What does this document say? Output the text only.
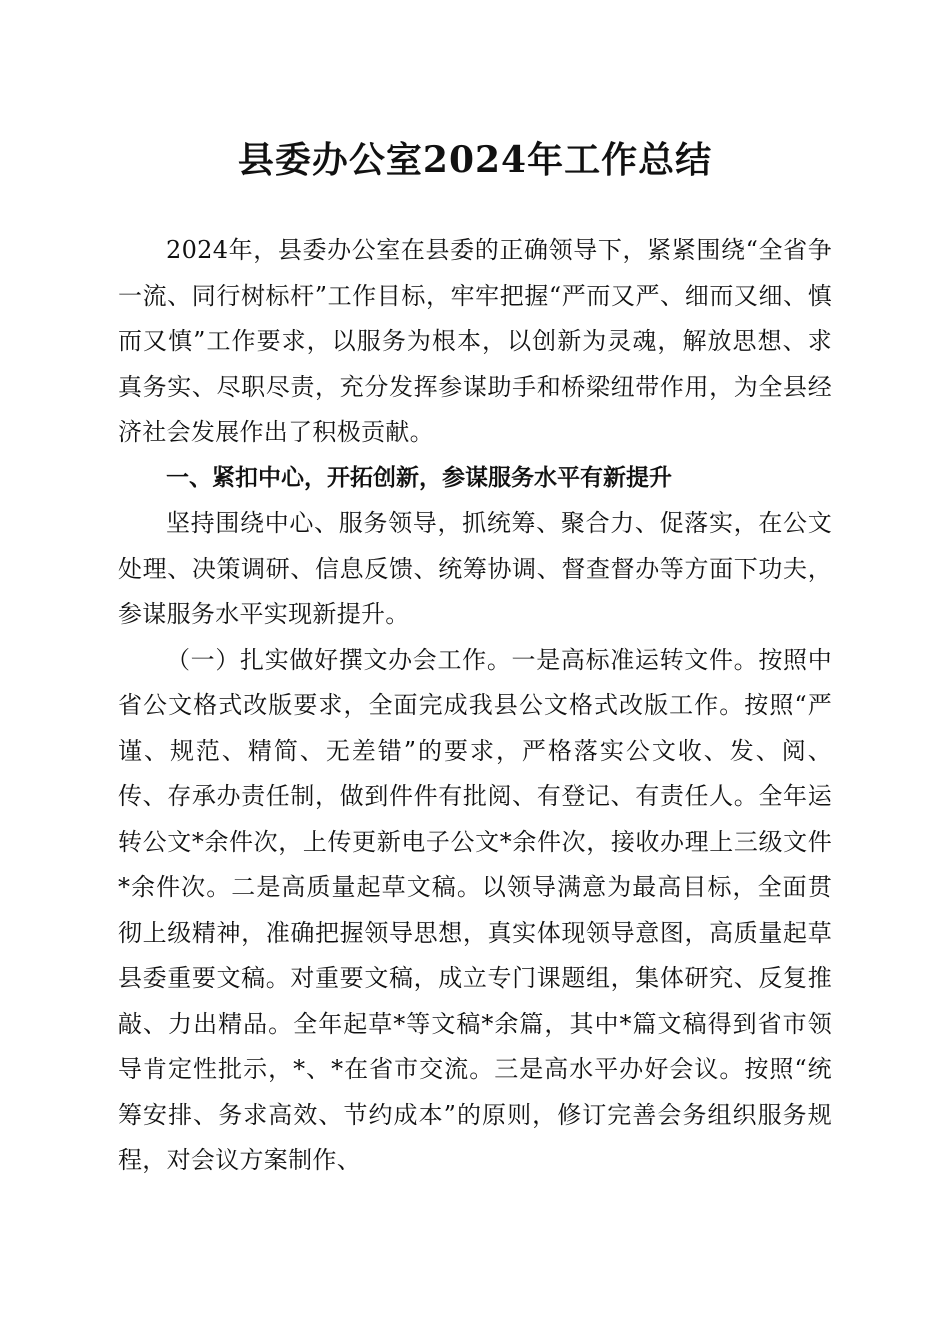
县委办公室2024年工作总结

2024年，县委办公室在县委的正确领导下，紧紧围绕“全省争一流、同行树标杆”工作目标，牢牢把握“严而又严、细而又细、慎而又慎”工作要求，以服务为根本，以创新为灵魂，解放思想、求真务实、尽职尽责，充分发挥参谋助手和桥梁纽带作用，为全县经济社会发展作出了积极贡献。

一、紧扣中心，开拓创新，参谋服务水平有新提升

坚持围绕中心、服务领导，抓统筹、聚合力、促落实，在公文处理、决策调研、信息反馈、统筹协调、督查督办等方面下功夫，参谋服务水平实现新提升。

（一）扎实做好撰文办会工作。一是高标准运转文件。按照中省公文格式改版要求，全面完成我县公文格式改版工作。按照“严谨、规范、精简、无差错”的要求，严格落实公文收、发、阅、传、存承办责任制，做到件件有批阅、有登记、有责任人。全年运转公文*余件次，上传更新电子公文*余件次，接收办理上三级文件*余件次。二是高质量起草文稿。以领导满意为最高目标，全面贯彻上级精神，准确把握领导思想，真实体现领导意图，高质量起草县委重要文稿。对重要文稿，成立专门课题组，集体研究、反复推敲、力出精品。全年起草*等文稿*余篇，其中*篇文稿得到省市领导肯定性批示，*、*在省市交流。三是高水平办好会议。按照“统筹安排、务求高效、节约成本”的原则，修订完善会务组织服务规程，对会议方案制作、
